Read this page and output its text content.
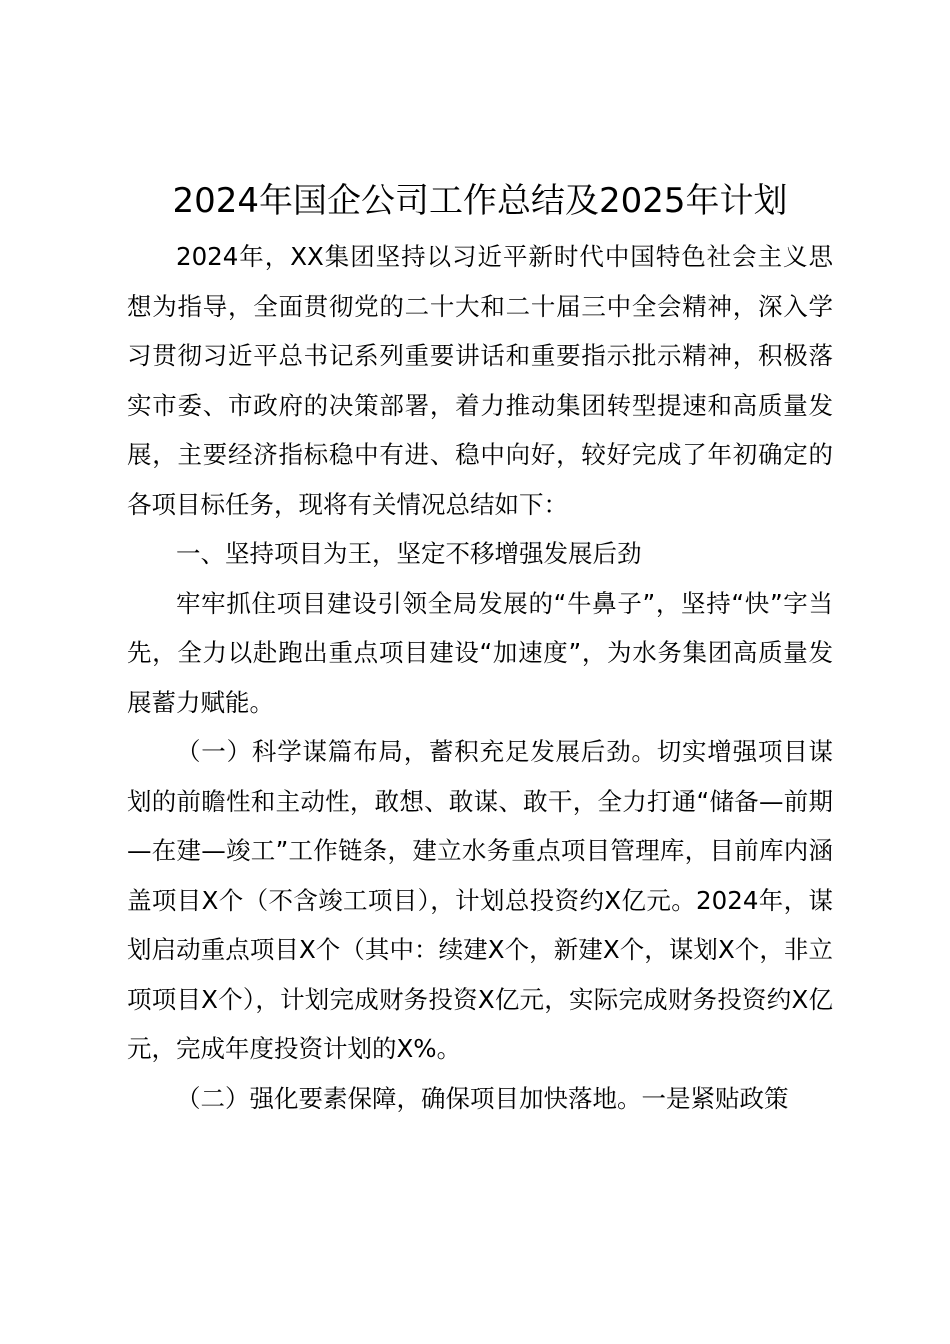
2024年国企公司工作总结及2025年计划

2024年，XX集团坚持以习近平新时代中国特色社会主义思想为指导，全面贯彻党的二十大和二十届三中全会精神，深入学习贯彻习近平总书记系列重要讲话和重要指示批示精神，积极落实市委、市政府的决策部署，着力推动集团转型提速和高质量发展，主要经济指标稳中有进、稳中向好，较好完成了年初确定的各项目标任务，现将有关情况总结如下：

一、坚持项目为王，坚定不移增强发展后劲

牢牢抓住项目建设引领全局发展的“牛鼻子”，坚持“快”字当先，全力以赴跑出重点项目建设“加速度”，为水务集团高质量发展蓄力赋能。

（一）科学谋篇布局，蓄积充足发展后劲。切实增强项目谋划的前瞻性和主动性，敢想、敢谋、敢干，全力打通“储备—前期—在建—竣工”工作链条，建立水务重点项目管理库，目前库内涵盖项目X个（不含竣工项目），计划总投资约X亿元。2024年，谋划启动重点项目X个（其中：续建X个，新建X个，谋划X个，非立项项目X个），计划完成财务投资X亿元，实际完成财务投资约X亿元，完成年度投资计划的X%。

（二）强化要素保障，确保项目加快落地。一是紧贴政策
